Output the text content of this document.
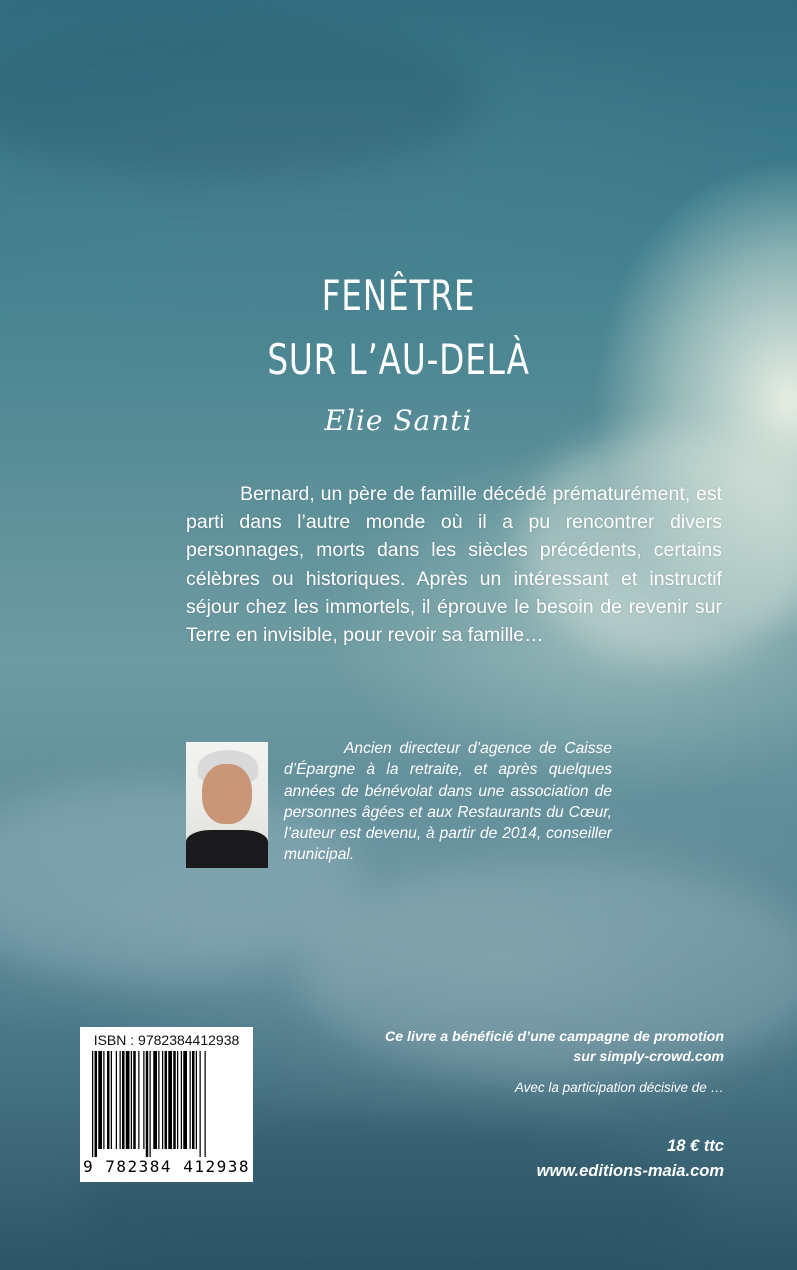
FENÊTRE
SUR L’AU-DELÀ
Elie Santi
Bernard, un père de famille décédé prématurément, est parti dans l’autre monde où il a pu rencontrer divers personnages, morts dans les siècles précédents, certains célèbres ou historiques. Après un intéressant et instructif séjour chez les immortels, il éprouve le besoin de revenir sur Terre en invisible, pour revoir sa famille…
Ancien directeur d’agence de Caisse d’Épargne à la retraite, et après quelques années de bénévolat dans une association de personnes âgées et aux Restaurants du Cœur, l’auteur est devenu, à partir de 2014, conseiller municipal.
ISBN : 9782384412938
9 782384 412938
Ce livre a bénéficié d’une campagne de promotion
sur simply-crowd.com
Avec la participation décisive de …
18 € ttc
www.editions-maia.com
